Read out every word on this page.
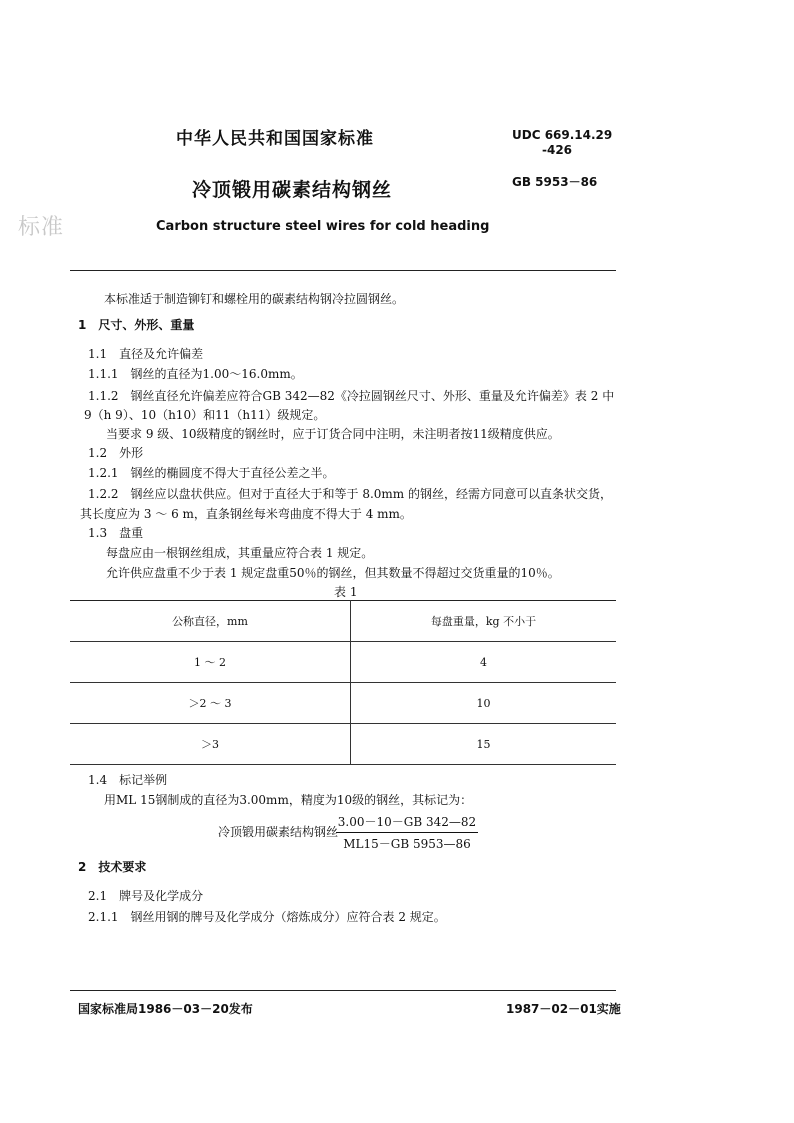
中华人民共和国国家标准	UDC 669.14.29
-426
GB 5953－86
冷顶锻用碳素结构钢丝
Carbon structure steel wires for cold heading
标准
本标准适于制造铆钉和螺栓用的碳素结构钢冷拉圆钢丝。
1　尺寸、外形、重量
1.1　直径及允许偏差
1.1.1　钢丝的直径为1.00～16.0mm。
1.1.2　钢丝直径允许偏差应符合GB 342—82《冷拉圆钢丝尺寸、外形、重量及允许偏差》表 2 中
9（h 9）、10（h10）和11（h11）级规定。
当要求 9 级、10级精度的钢丝时，应于订货合同中注明，未注明者按11级精度供应。
1.2　外形
1.2.1　钢丝的椭圆度不得大于直径公差之半。
1.2.2　钢丝应以盘状供应。但对于直径大于和等于 8.0mm 的钢丝，经需方同意可以直条状交货，
其长度应为 3 ～ 6 m，直条钢丝每米弯曲度不得大于 4 mm。
1.3　盘重
每盘应由一根钢丝组成，其重量应符合表 1 规定。
允许供应盘重不少于表 1 规定盘重50％的钢丝，但其数量不得超过交货重量的10％。
表 1
公称直径，mm	每盘重量，kg 不小于
1 ～ 2	4
＞2 ～ 3	10
＞3	15
1.4　标记举例
用ML 15钢制成的直径为3.00mm，精度为10级的钢丝，其标记为：
冷顶锻用碳素结构钢丝
$\frac{3.00-10-GB 342—82}{ML15-GB 5953—86}$
2　技术要求
2.1　牌号及化学成分
2.1.1　钢丝用钢的牌号及化学成分（熔炼成分）应符合表 2 规定。
国家标准局1986－03－20发布	1987－02－01实施
